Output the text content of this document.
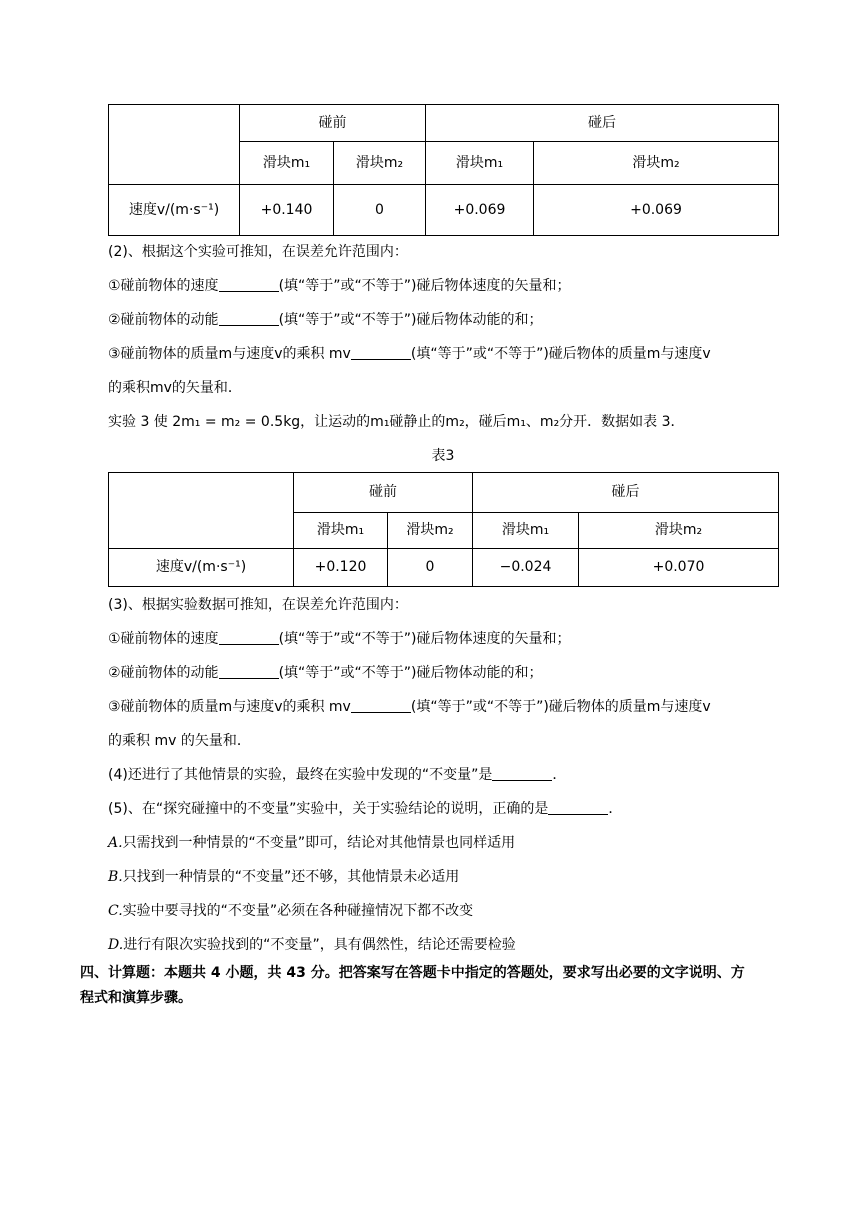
	碰前		碰后	
	滑块m₁	滑块m₂	滑块m₁	滑块m₂
速度v/(m·s⁻¹)	+0.140	0	+0.069	+0.069
(2)、根据这个实验可推知，在误差允许范围内：
①碰前物体的速度	(填“等于”或“不等于”)碰后物体速度的矢量和；
②碰前物体的动能	(填“等于”或“不等于”)碰后物体动能的和；
③碰前物体的质量m与速度v的乘积 mv	(填“等于”或“不等于”)碰后物体的质量m与速度v
的乘积mv的矢量和．
实验 3 使 2m₁ = m₂ = 0.5kg，让运动的m₁碰静止的m₂，碰后m₁、m₂分开．数据如表 3．
表3
	碰前		碰后	
	滑块m₁	滑块m₂	滑块m₁	滑块m₂
速度v/(m·s⁻¹)	+0.120	0	−0.024	+0.070
(3)、根据实验数据可推知，在误差允许范围内：
①碰前物体的速度	(填“等于”或“不等于”)碰后物体速度的矢量和；
②碰前物体的动能	(填“等于”或“不等于”)碰后物体动能的和；
③碰前物体的质量m与速度v的乘积 mv	(填“等于”或“不等于”)碰后物体的质量m与速度v
的乘积 mv 的矢量和．
(4)还进行了其他情景的实验，最终在实验中发现的“不变量”是	．
(5)、在“探究碰撞中的不变量”实验中，关于实验结论的说明，正确的是	．
A.只需找到一种情景的“不变量”即可，结论对其他情景也同样适用
B.只找到一种情景的“不变量”还不够，其他情景未必适用
C.实验中要寻找的“不变量”必须在各种碰撞情况下都不改变
D.进行有限次实验找到的“不变量”，具有偶然性，结论还需要检验
四、计算题：本题共 4 小题，共 43 分。把答案写在答题卡中指定的答题处，要求写出必要的文字说明、方
程式和演算步骤。
